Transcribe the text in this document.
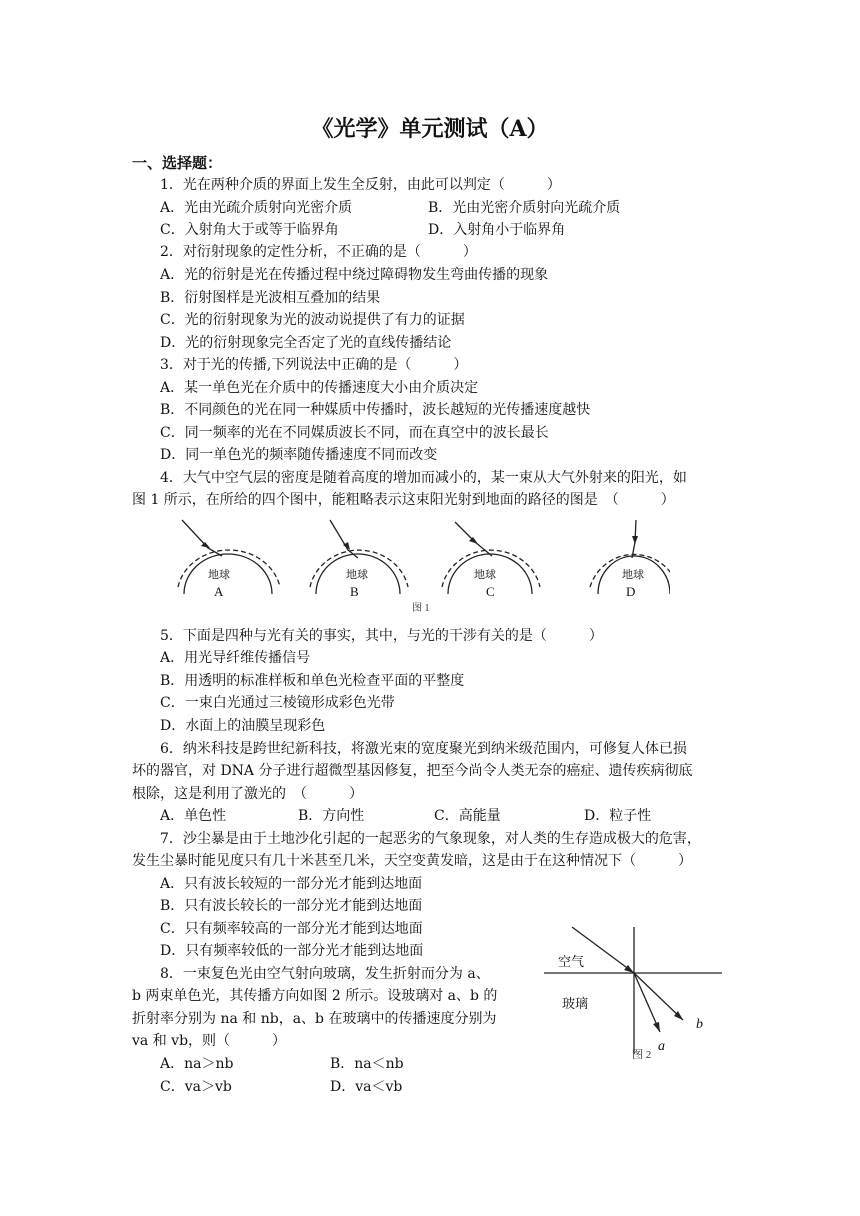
《光学》单元测试（A）
一、选择题：
1．光在两种介质的界面上发生全反射，由此可以判定（　　　）
A．光由光疏介质射向光密介质	B．光由光密介质射向光疏介质
C．入射角大于或等于临界角	D．入射角小于临界角
2．对衍射现象的定性分析，不正确的是（　　　）
A．光的衍射是光在传播过程中绕过障碍物发生弯曲传播的现象
B．衍射图样是光波相互叠加的结果
C．光的衍射现象为光的波动说提供了有力的证据
D．光的衍射现象完全否定了光的直线传播结论
3．对于光的传播,下列说法中正确的是（　　　）
A．某一单色光在介质中的传播速度大小由介质决定
B．不同颜色的光在同一种媒质中传播时，波长越短的光传播速度越快
C．同一频率的光在不同媒质波长不同，而在真空中的波长最长
D．同一单色光的频率随传播速度不同而改变
4．大气中空气层的密度是随着高度的增加而减小的，某一束从大气外射来的阳光，如
图 1 所示，在所给的四个图中，能粗略表示这束阳光射到地面的路径的图是　（　　　）
地球	地球	地球	地球
A	B	C	D
图 1
5．下面是四种与光有关的事实，其中，与光的干涉有关的是（　　　）
A．用光导纤维传播信号
B．用透明的标准样板和单色光检查平面的平整度
C．一束白光通过三棱镜形成彩色光带
D．水面上的油膜呈现彩色
6．纳米科技是跨世纪新科技，将激光束的宽度聚光到纳米级范围内，可修复人体已损
坏的器官，对 DNA 分子进行超微型基因修复，把至今尚令人类无奈的癌症、遗传疾病彻底
根除，这是利用了激光的　（　　　）
A．单色性	B．方向性	C．高能量	D．粒子性
7．沙尘暴是由于土地沙化引起的一起恶劣的气象现象，对人类的生存造成极大的危害，
发生尘暴时能见度只有几十米甚至几米，天空变黄发暗，这是由于在这种情况下（　　　）
A．只有波长较短的一部分光才能到达地面
B．只有波长较长的一部分光才能到达地面
C．只有频率较高的一部分光才能到达地面
D．只有频率较低的一部分光才能到达地面
8．一束复色光由空气射向玻璃，发生折射而分为 a、
b 两束单色光，其传播方向如图 2 所示。设玻璃对 a、b 的
折射率分别为 na 和 nb，a、b 在玻璃中的传播速度分别为
va 和 vb，则（　　　）
A．na＞nb	B．na＜nb
C．va＞vb	D．va＜vb
空气
玻璃
a
b
图 2
